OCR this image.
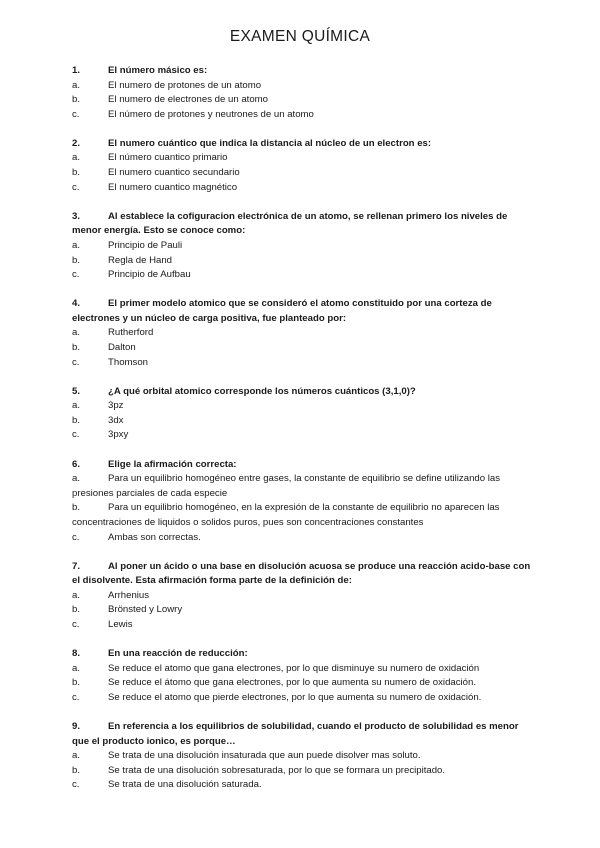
EXAMEN QUÍMICA
1.	El número másico es:
a.	El numero de protones de un atomo
b.	El numero de electrones de un atomo
c.	El número de protones y neutrones de un atomo
2.	El numero cuántico que indica la distancia al núcleo de un electron es:
a.	El número cuantico primario
b.	El numero cuantico secundario
c.	El numero cuantico magnético
3.	Al establece la cofiguracion electrónica de un atomo, se rellenan primero los niveles de menor energía. Esto se conoce como:
a.	Principio de Pauli
b.	Regla de Hand
c.	Principio de Aufbau
4.	El primer modelo atomico que se consideró el atomo constituido por una corteza de electrones y un núcleo de carga positiva, fue planteado por:
a.	Rutherford
b.	Dalton
c.	Thomson
5.	¿A qué orbital atomico corresponde los números cuánticos (3,1,0)?
a.	3pz
b.	3dx
c.	3pxy
6.	Elige la afirmación correcta:
a.	Para un equilibrio homogéneo entre gases, la constante de equilibrio se define utilizando las presiones parciales de cada especie
b.	Para un equilibrio homogéneo, en la expresión de la constante de equilibrio no aparecen las concentraciones de liquidos o solidos puros, pues son concentraciones constantes
c.	Ambas son correctas.
7.	Al poner un ácido o una base en disolución acuosa se produce una reacción acido-base con el disolvente. Esta afirmación forma parte de la definición de:
a.	Arrhenius
b.	Brönsted y Lowry
c.	Lewis
8.	En una reacción de reducción:
a.	Se reduce el atomo que gana electrones, por lo que disminuye su numero de oxidación
b.	Se reduce el átomo que gana electrones, por lo que aumenta su numero de oxidación.
c.	Se reduce el atomo que pierde electrones, por lo que aumenta su numero de oxidación.
9.	En referencia a los equilibrios de solubilidad, cuando el producto de solubilidad es menor que el producto ionico, es porque…
a.	Se trata de una disolución insaturada que aun puede disolver mas soluto.
b.	Se trata de una disolución sobresaturada, por lo que se formara un precipitado.
c.	Se trata de una disolución saturada.
